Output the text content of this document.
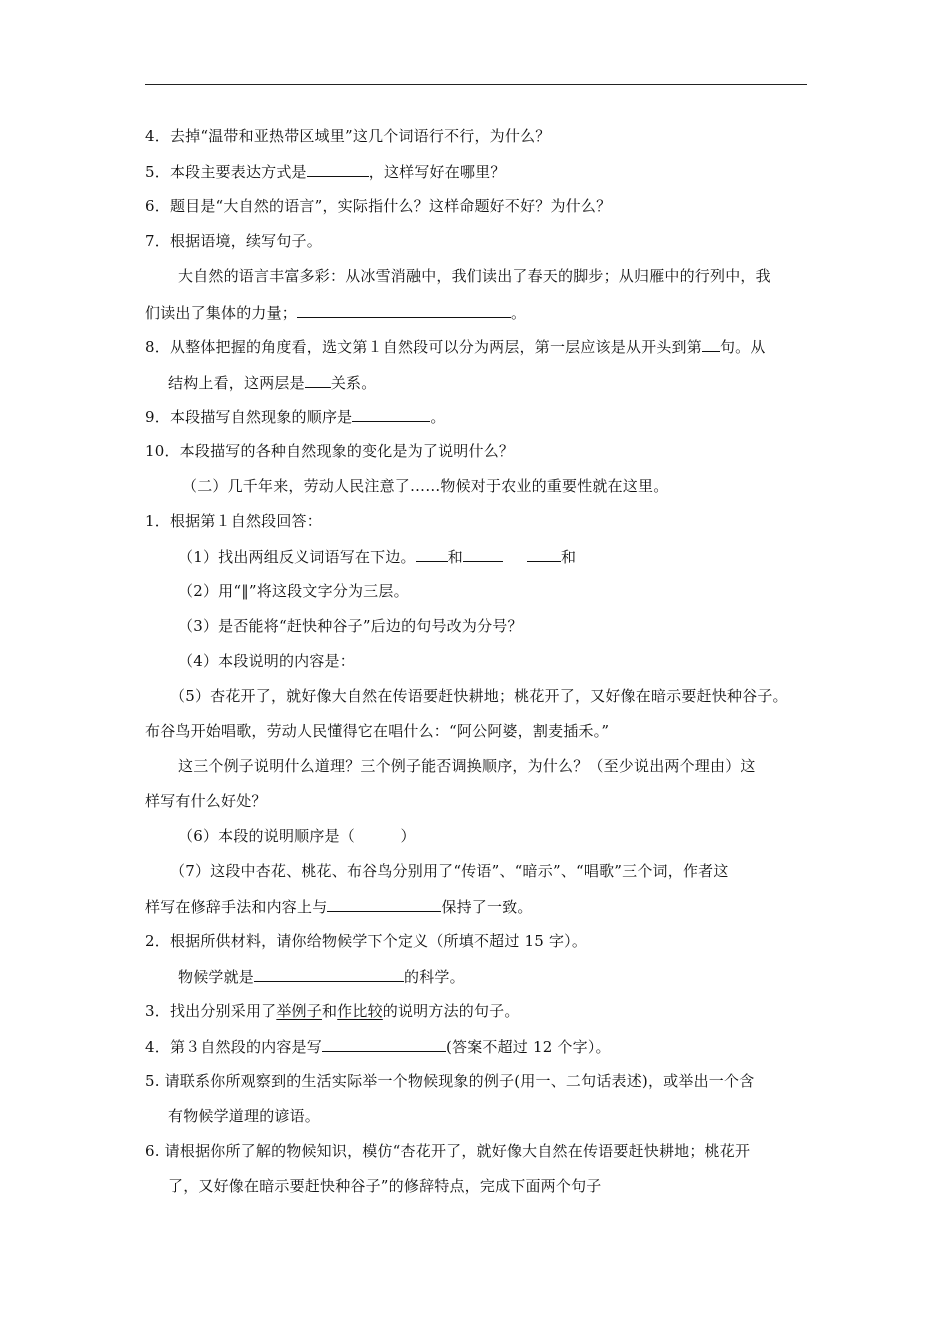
4．去掉“温带和亚热带区域里”这几个词语行不行，为什么？
5．本段主要表达方式是	，这样写好在哪里？
6．题目是“大自然的语言”，实际指什么？这样命题好不好？为什么？
7．根据语境，续写句子。
大自然的语言丰富多彩：从冰雪消融中，我们读出了春天的脚步；从归雁中的行列中，我
们读出了集体的力量；	。
8．从整体把握的角度看，选文第１自然段可以分为两层，第一层应该是从开头到第 句。从
结构上看，这两层是 关系。
9．本段描写自然现象的顺序是	。
10．本段描写的各种自然现象的变化是为了说明什么？
（二）几千年来，劳动人民注意了……物候对于农业的重要性就在这里。
1．根据第１自然段回答：
（1）找出两组反义词语写在下边。 和	和
（2）用“‖”将这段文字分为三层。
（3）是否能将“赶快种谷子”后边的句号改为分号？
（4）本段说明的内容是：
（5）杏花开了，就好像大自然在传语要赶快耕地；桃花开了，又好像在暗示要赶快种谷子。
布谷鸟开始唱歌，劳动人民懂得它在唱什么：“阿公阿婆，割麦插禾。”
这三个例子说明什么道理？三个例子能否调换顺序，为什么？（至少说出两个理由）这
样写有什么好处？
（6）本段的说明顺序是（　　　）
（7）这段中杏花、桃花、布谷鸟分别用了“传语”、“暗示”、“唱歌”三个词，作者这
样写在修辞手法和内容上与	保持了一致。
2．根据所供材料，请你给物候学下个定义（所填不超过 15 字）。
物候学就是	的科学。
3．找出分别采用了举例子和作比较的说明方法的句子。
4．第３自然段的内容是写	(答案不超过 12 个字）。
5. 请联系你所观察到的生活实际举一个物候现象的例子(用一、二句话表述)，或举出一个含
有物候学道理的谚语。
6. 请根据你所了解的物候知识，模仿“杏花开了，就好像大自然在传语要赶快耕地；桃花开
了，又好像在暗示要赶快种谷子”的修辞特点，完成下面两个句子
